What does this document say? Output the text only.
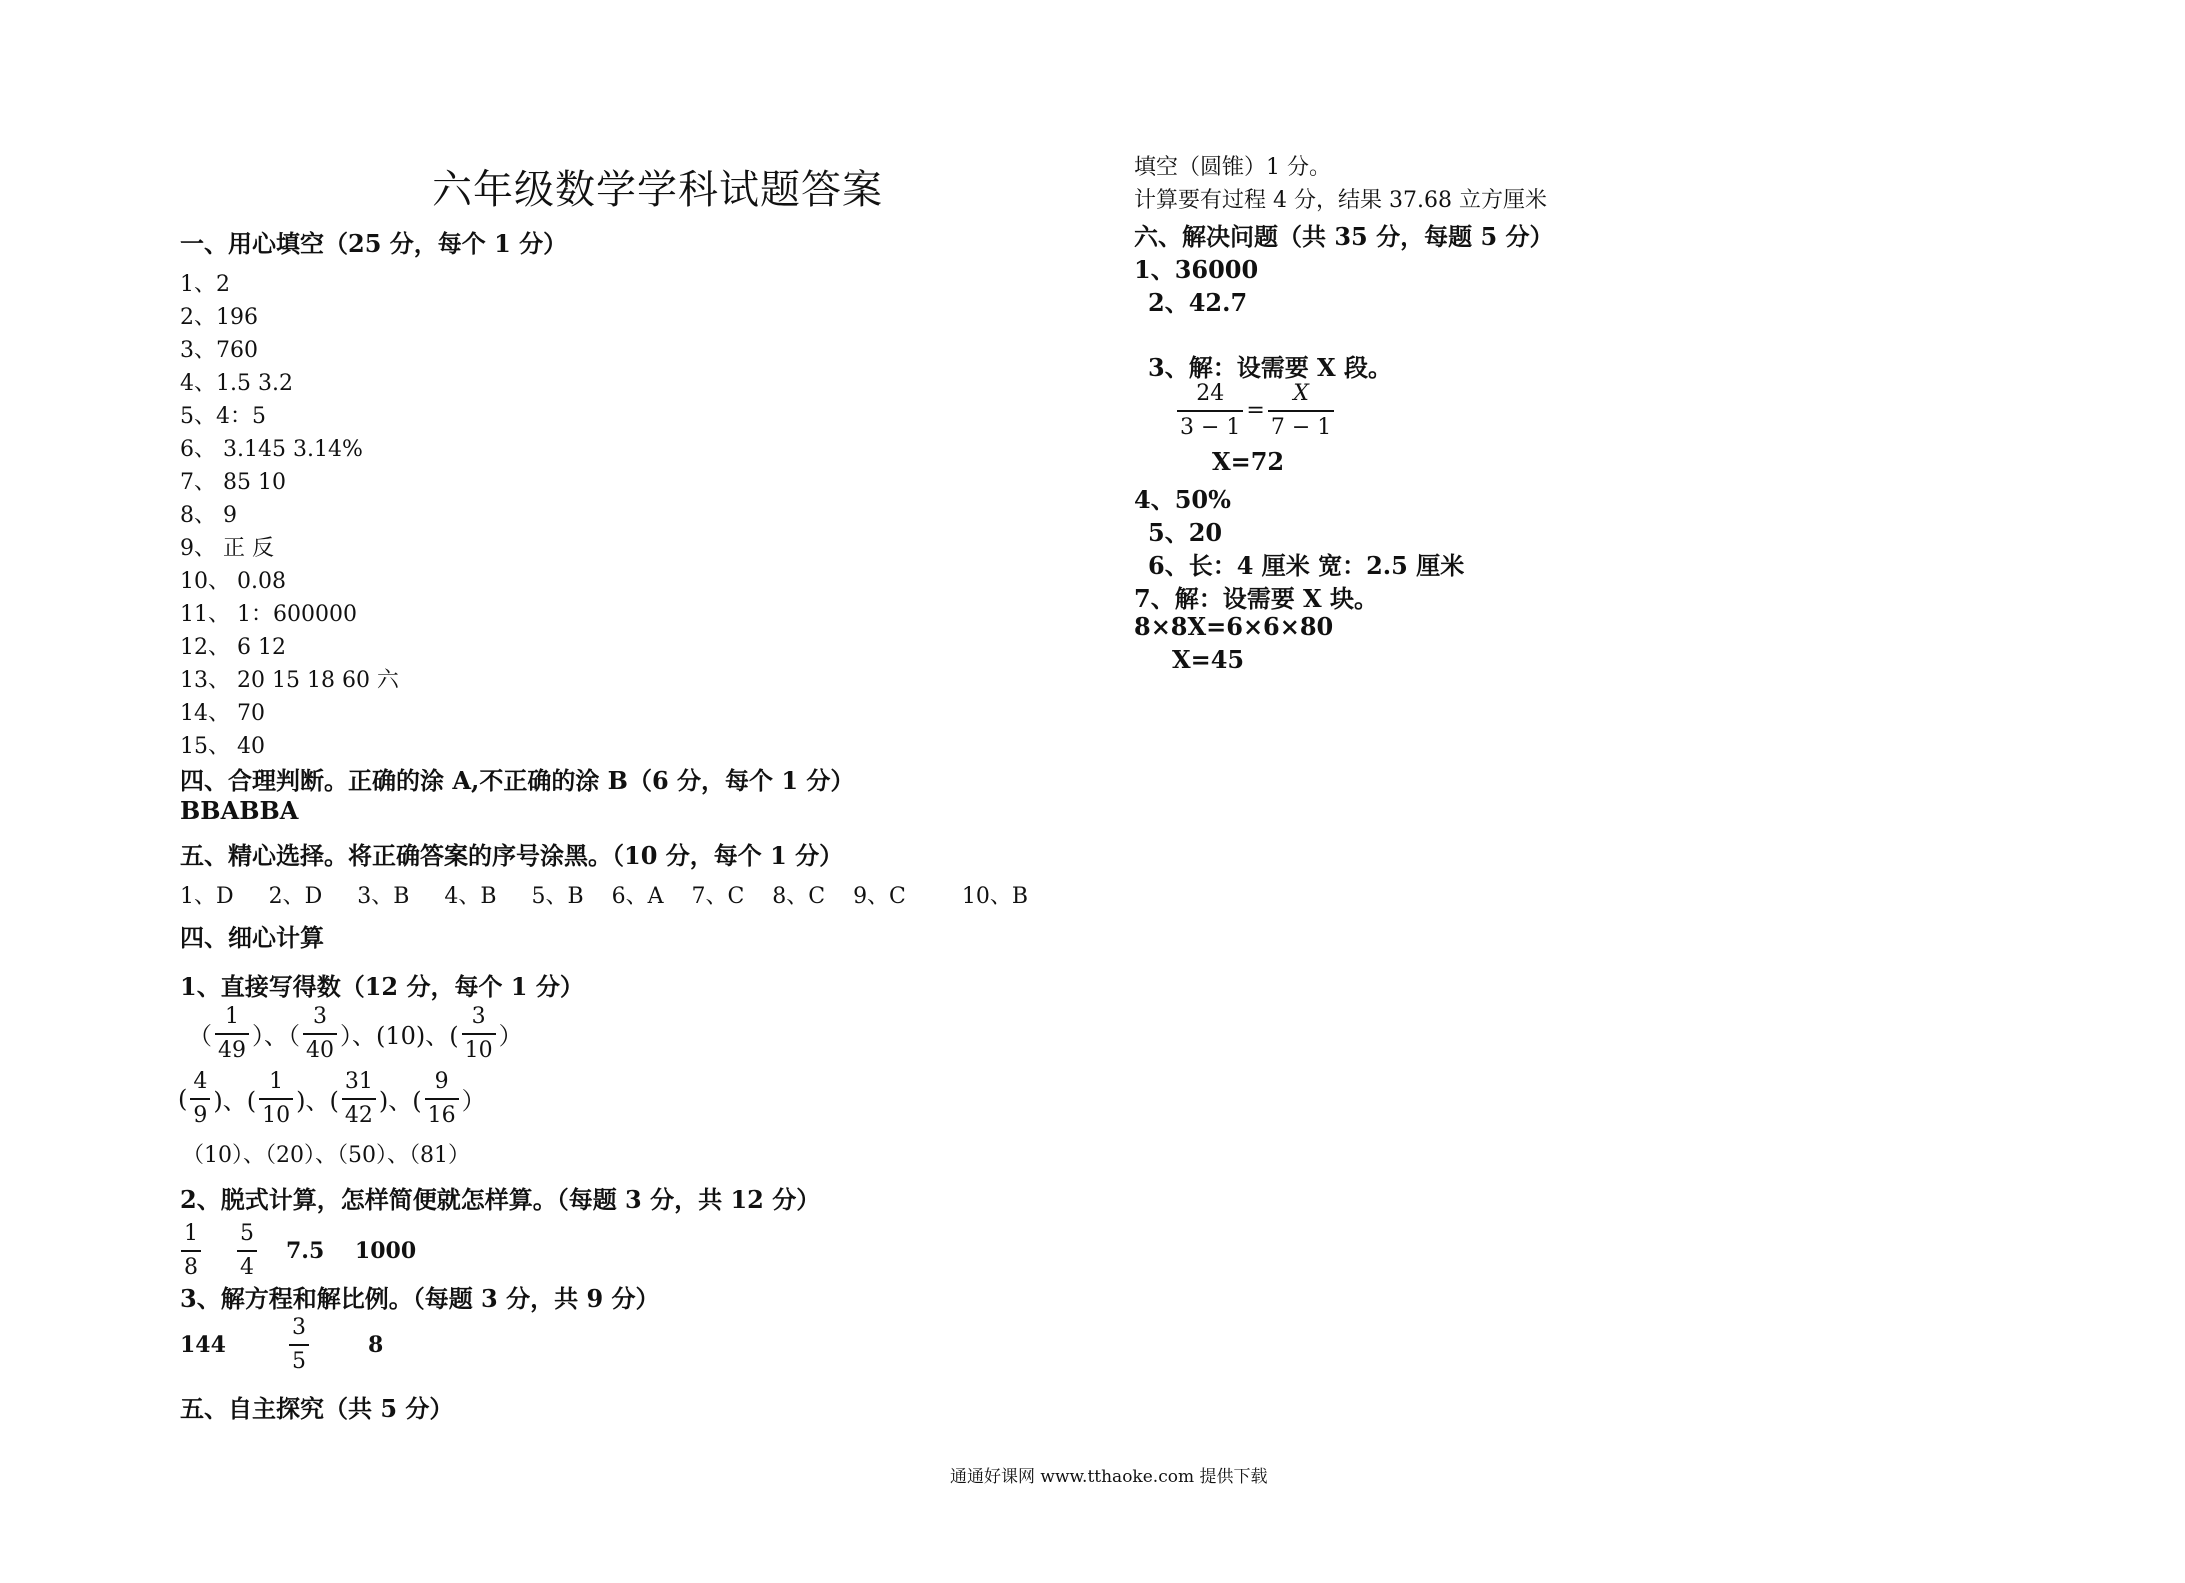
六年级数学学科试题答案
一、用心填空（25 分，每个 1 分）
1、2
2、196
3、760
4、1.5 3.2
5、4：5
6、 3.145 3.14%
7、 85 10
8、 9
9、 正 反
10、 0.08
11、 1：600000
12、 6 12
13、 20 15 18 60 六
14、 70
15、 40
四、合理判断。正确的涂 A,不正确的涂 B（6 分，每个 1 分）
BBABBA
五、精心选择。将正确答案的序号涂黑。（10 分，每个 1 分）
1、D     2、D     3、B     4、B     5、B    6、A    7、C    8、C    9、C        10、B
四、细心计算
1、直接写得数（12 分，每个 1 分）
（ $\frac{1}{49}$ ）、（ $\frac{3}{40}$ ）、(10)、( $\frac{3}{10}$ ）
( $\frac{4}{9}$ )、( $\frac{1}{10}$ )、( $\frac{31}{42}$ )、( $\frac{9}{16}$ ）
（10）、（20）、（50）、（81）
2、脱式计算，怎样简便就怎样算。（每题 3 分，共 12 分）
$\frac{1}{8} \frac{5}{4} 7.5$    1000
3、解方程和解比例。（每题 3 分，共 9 分）
144	$\frac{3}{5}$	8
五、自主探究（共 5 分）
填空（圆锥）1 分。
计算要有过程 4 分，结果 37.68 立方厘米
六、解决问题（共 35 分，每题 5 分）
1、36000
2、42.7
3、解：设需要 X 段。
$\frac{24}{3 - 1} = \frac{X}{7 - 1}$
X=72
4、50%
5、20
6、长：4 厘米 宽：2.5 厘米
7、解：设需要 X 块。
8×8X=6×6×80
X=45
通通好课网 www.tthaoke.com 提供下载
